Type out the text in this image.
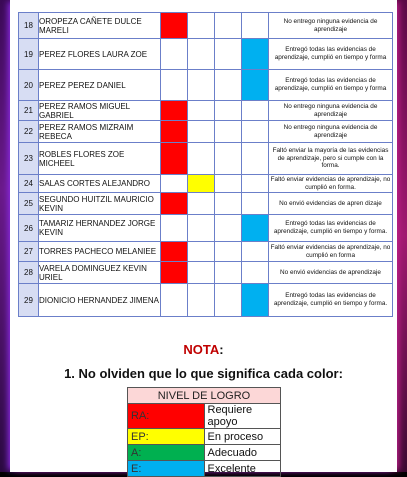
18	OROPEZA CAÑETE DULCE MARELI					No entrego ninguna evidencia de aprendizaje
19	PEREZ FLORES LAURA ZOE					Entregó todas las evidencias de aprendizaje, cumplió en tiempo y forma
20	PEREZ PEREZ DANIEL					Entregó todas las evidencias de aprendizaje, cumplió en tiempo y forma
21	PEREZ RAMOS MIGUEL GABRIEL					No entrego ninguna evidencia de aprendizaje
22	PEREZ RAMOS MIZRAIM REBECA					No entrego ninguna evidencia de aprendizaje
23	ROBLES FLORES ZOE MICHEEL					Faltó enviar la mayoría de las evidencias de aprendizaje, pero si cumple con la forma.
24	SALAS CORTES ALEJANDRO					Faltó enviar evidencias de aprendizaje, no cumplió en forma.
25	SEGUNDO HUITZIL MAURICIO KEVIN					No envió evidencias de apren dizaje
26	TAMARIZ HERNANDEZ JORGE KEVIN					Entregó todas las evidencias de aprendizaje, cumplió en tiempo y forma.
27	TORRES PACHECO MELANIEE					Faltó enviar evidencias de aprendizaje, no cumplió en forma
28	VARELA DOMINGUEZ KEVIN URIEL					No envió evidencias de aprendizaje
29	DIONICIO HERNANDEZ JIMENA					Entregó todas las evidencias de aprendizaje, cumplió en tiempo y forma.
NOTA:
1. No olviden que lo que significa cada color:
NIVEL DE LOGRO	
RA:	Requiere apoyo
EP:	En proceso
A:	Adecuado
E:	Excelente
